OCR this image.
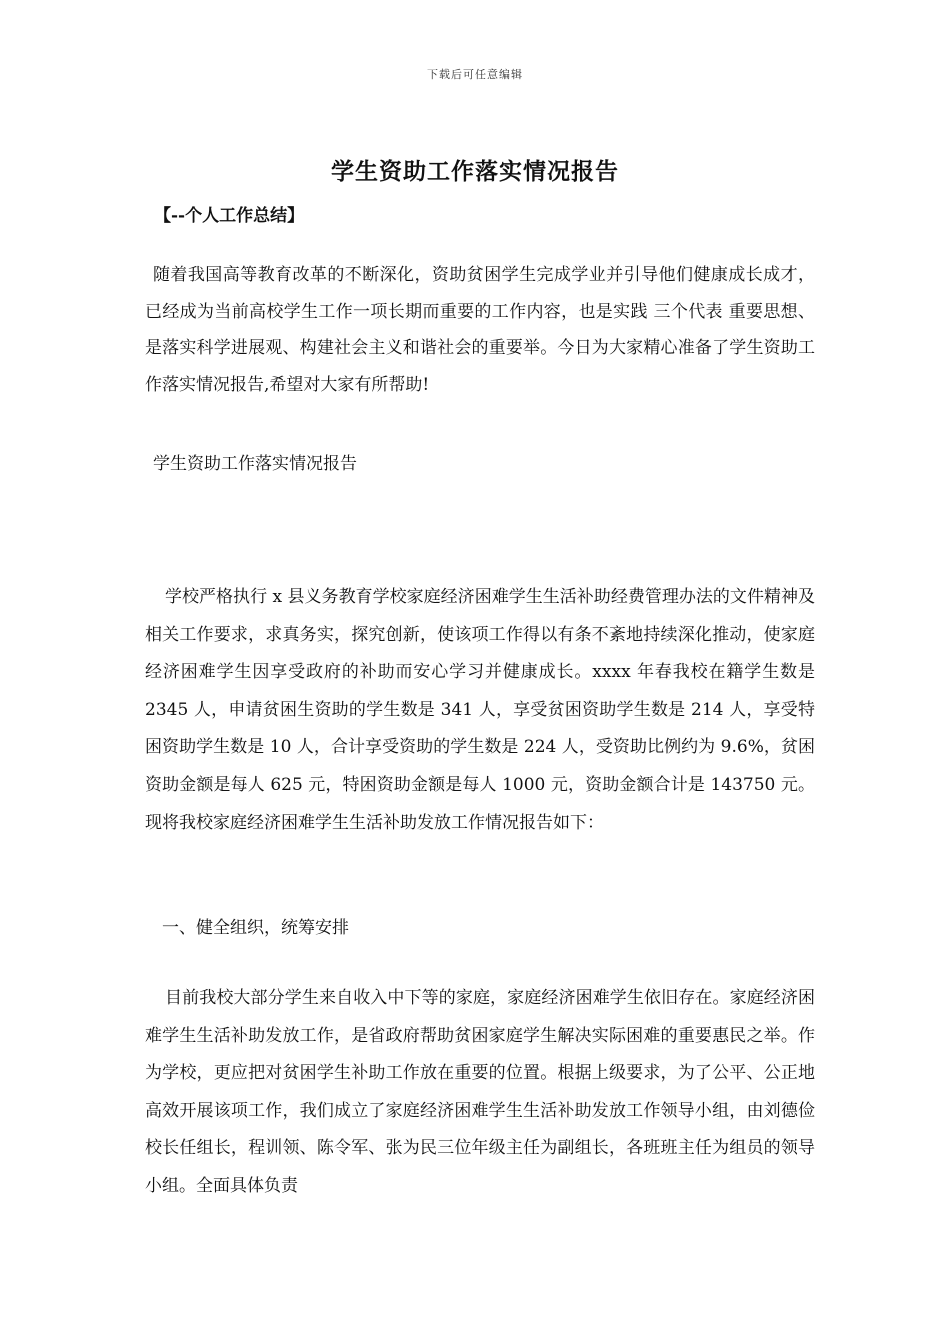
下载后可任意编辑
学生资助工作落实情况报告
【--个人工作总结】

随着我国高等教育改革的不断深化，资助贫困学生完成学业并引导他们健康成长成才，已经成为当前高校学生工作一项长期而重要的工作内容，也是实践 三个代表 重要思想、是落实科学进展观、构建社会主义和谐社会的重要举。今日为大家精心准备了学生资助工作落实情况报告,希望对大家有所帮助!

学生资助工作落实情况报告

学校严格执行 x 县义务教育学校家庭经济困难学生生活补助经费管理办法的文件精神及相关工作要求，求真务实，探究创新，使该项工作得以有条不紊地持续深化推动，使家庭经济困难学生因享受政府的补助而安心学习并健康成长。xxxx 年春我校在籍学生数是 2345 人，申请贫困生资助的学生数是 341 人，享受贫困资助学生数是 214 人，享受特困资助学生数是 10 人，合计享受资助的学生数是 224 人，受资助比例约为 9.6%，贫困资助金额是每人 625 元，特困资助金额是每人 1000 元，资助金额合计是 143750 元。现将我校家庭经济困难学生生活补助发放工作情况报告如下：

一、健全组织，统筹安排

目前我校大部分学生来自收入中下等的家庭，家庭经济困难学生依旧存在。家庭经济困难学生生活补助发放工作，是省政府帮助贫困家庭学生解决实际困难的重要惠民之举。作为学校，更应把对贫困学生补助工作放在重要的位置。根据上级要求，为了公平、公正地高效开展该项工作，我们成立了家庭经济困难学生生活补助发放工作领导小组，由刘德俭校长任组长，程训领、陈令军、张为民三位年级主任为副组长，各班班主任为组员的领导小组。全面具体负责
